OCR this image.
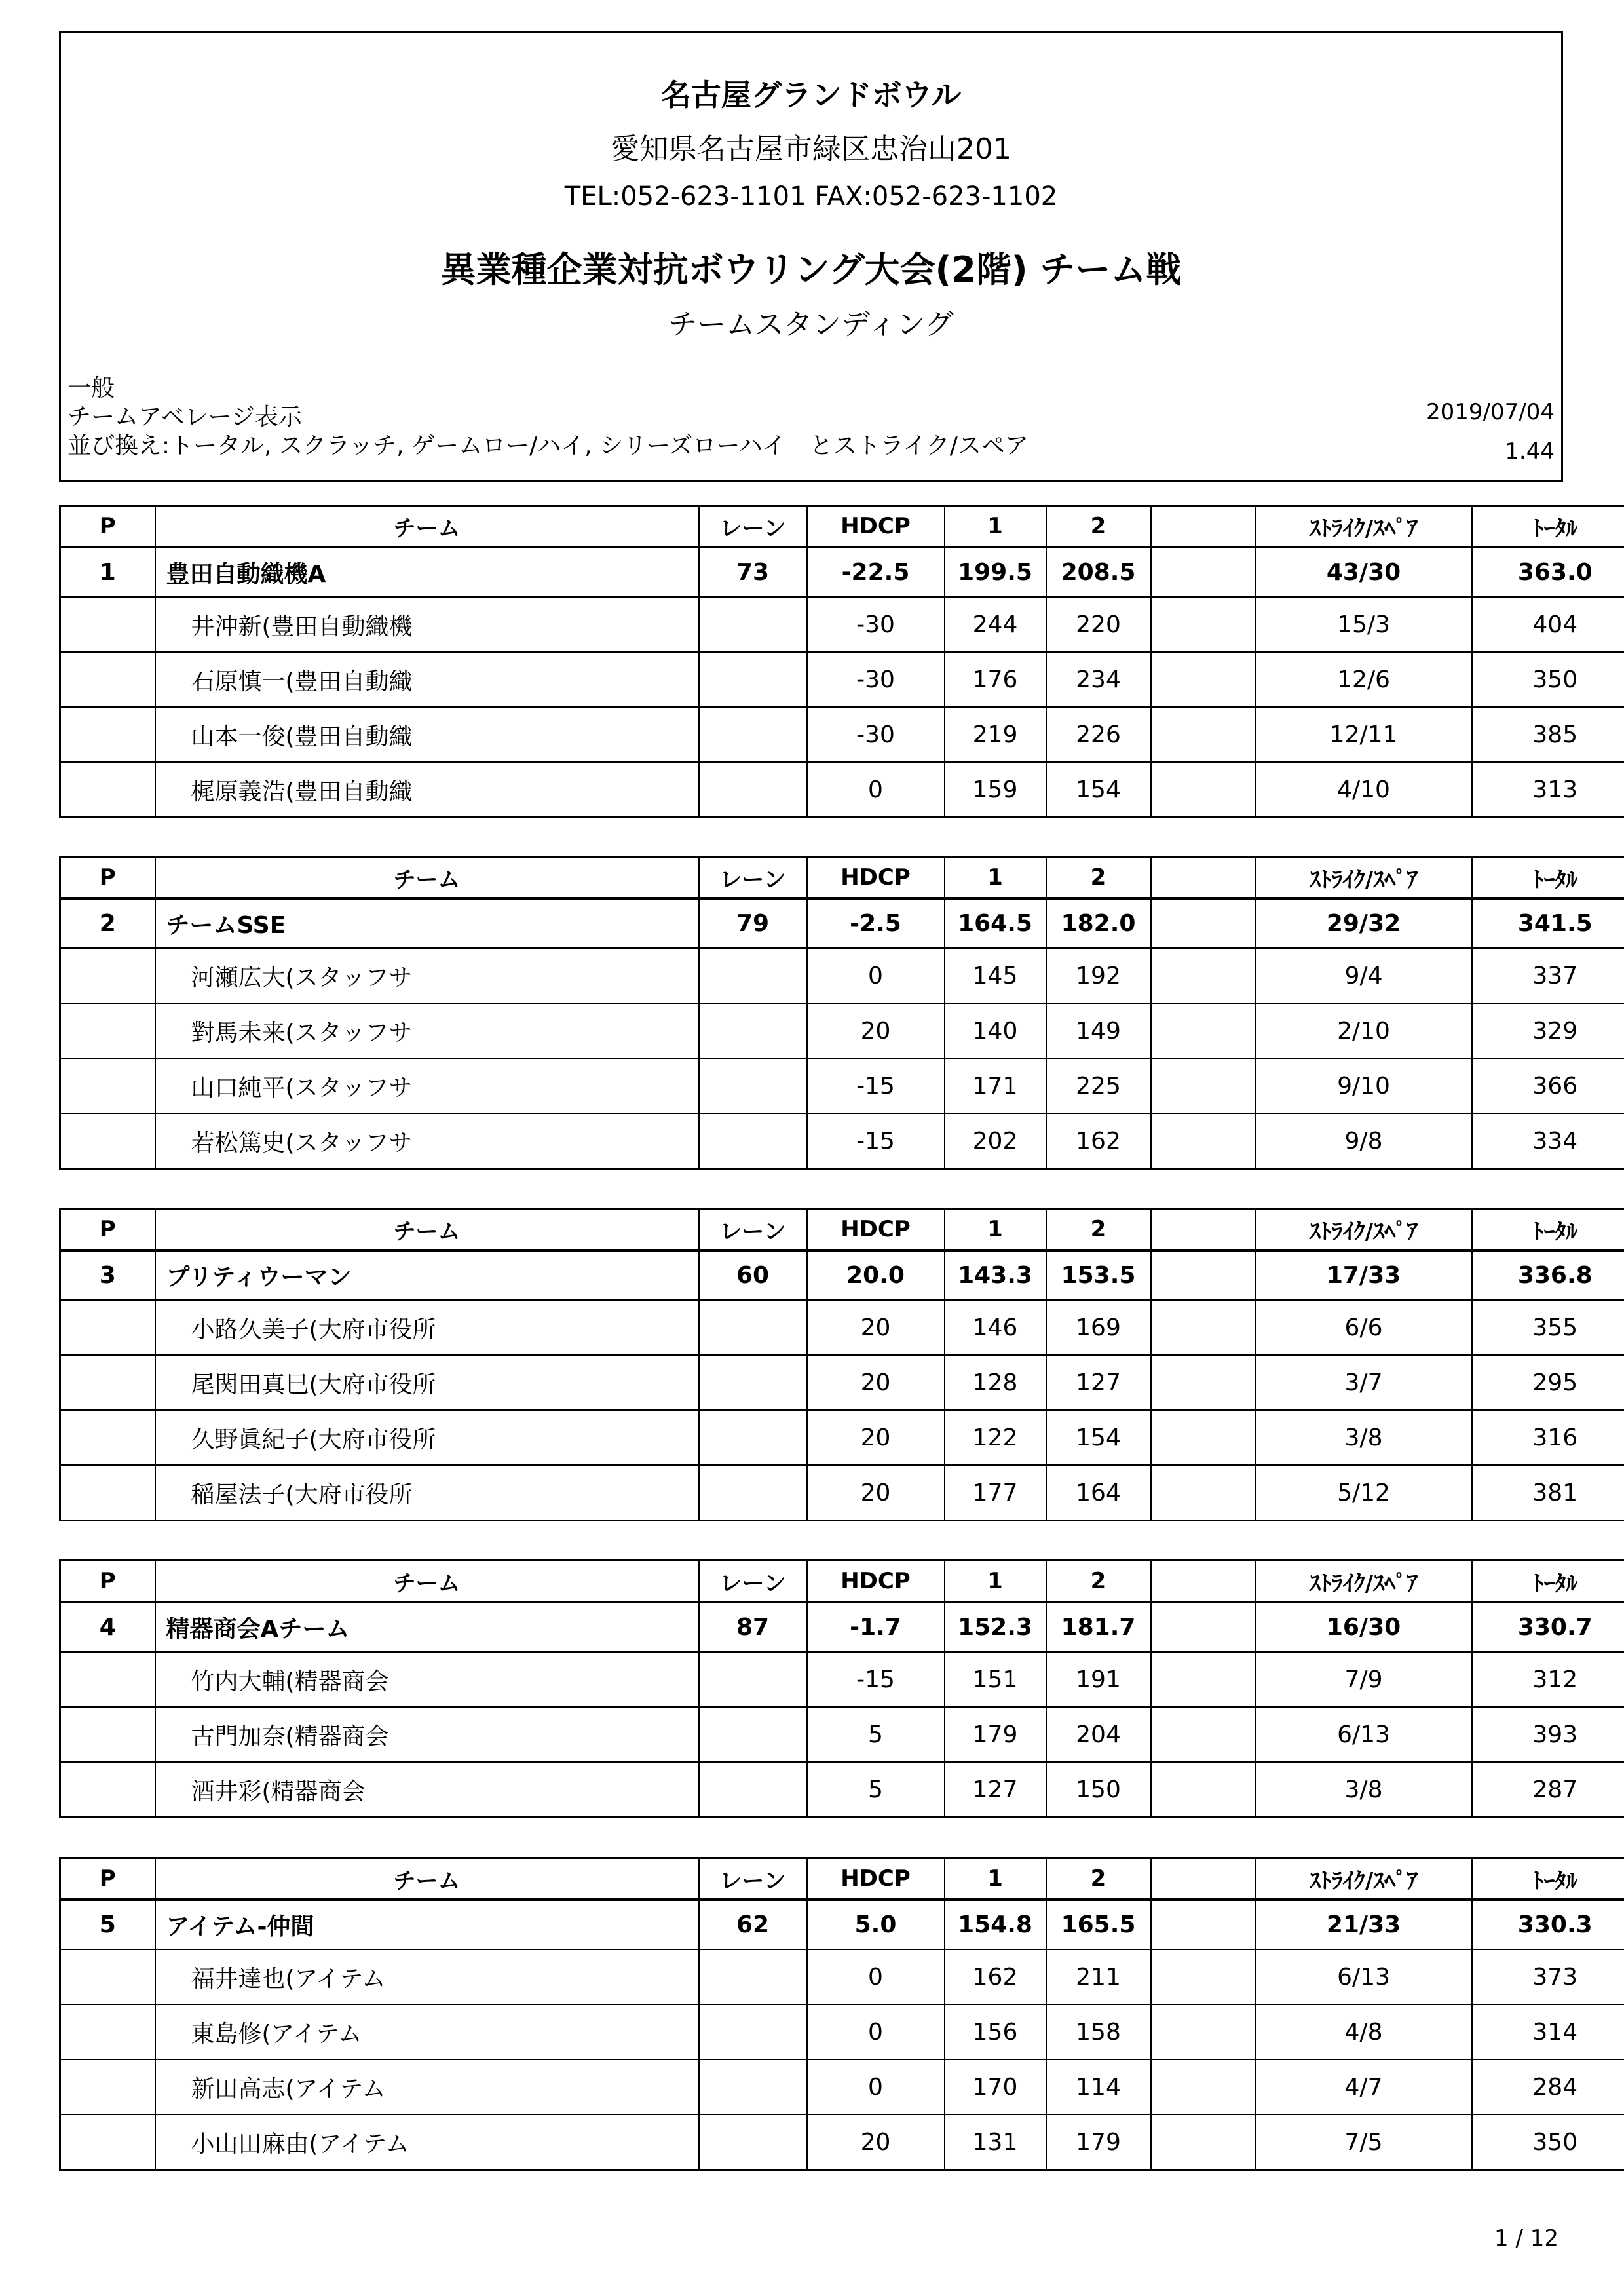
名古屋グランドボウル
愛知県名古屋市緑区忠治山201
TEL:052-623-1101 FAX:052-623-1102
異業種企業対抗ボウリング大会(2階) チーム戦
チームスタンディング
一般
チームアベレージ表示
並び換え:トータル, スクラッチ, ゲームロー/ハイ, シリーズローハイ　とストライク/スペア
2019/07/04
1.44
P	チーム	レーン	HDCP	1	2		ｽﾄﾗｲｸ/ｽﾍﾟｱ	ﾄｰﾀﾙ
1	豊田自動織機A	73	-22.5	199.5	208.5		43/30	363.0
	井沖新(豊田自動織機		-30	244	220		15/3	404
	石原慎一(豊田自動織		-30	176	234		12/6	350
	山本一俊(豊田自動織		-30	219	226		12/11	385
	梶原義浩(豊田自動織		0	159	154		4/10	313
P	チーム	レーン	HDCP	1	2		ｽﾄﾗｲｸ/ｽﾍﾟｱ	ﾄｰﾀﾙ
2	チームSSE	79	-2.5	164.5	182.0		29/32	341.5
	河瀬広大(スタッフサ		0	145	192		9/4	337
	對馬未来(スタッフサ		20	140	149		2/10	329
	山口純平(スタッフサ		-15	171	225		9/10	366
	若松篤史(スタッフサ		-15	202	162		9/8	334
P	チーム	レーン	HDCP	1	2		ｽﾄﾗｲｸ/ｽﾍﾟｱ	ﾄｰﾀﾙ
3	プリティウーマン	60	20.0	143.3	153.5		17/33	336.8
	小路久美子(大府市役所		20	146	169		6/6	355
	尾関田真巳(大府市役所		20	128	127		3/7	295
	久野眞紀子(大府市役所		20	122	154		3/8	316
	稲屋法子(大府市役所		20	177	164		5/12	381
P	チーム	レーン	HDCP	1	2		ｽﾄﾗｲｸ/ｽﾍﾟｱ	ﾄｰﾀﾙ
4	精器商会Aチーム	87	-1.7	152.3	181.7		16/30	330.7
	竹内大輔(精器商会		-15	151	191		7/9	312
	古門加奈(精器商会		5	179	204		6/13	393
	酒井彩(精器商会		5	127	150		3/8	287
P	チーム	レーン	HDCP	1	2		ｽﾄﾗｲｸ/ｽﾍﾟｱ	ﾄｰﾀﾙ
5	アイテム-仲間	62	5.0	154.8	165.5		21/33	330.3
	福井達也(アイテム		0	162	211		6/13	373
	東島修(アイテム		0	156	158		4/8	314
	新田高志(アイテム		0	170	114		4/7	284
	小山田麻由(アイテム		20	131	179		7/5	350
1 / 12
